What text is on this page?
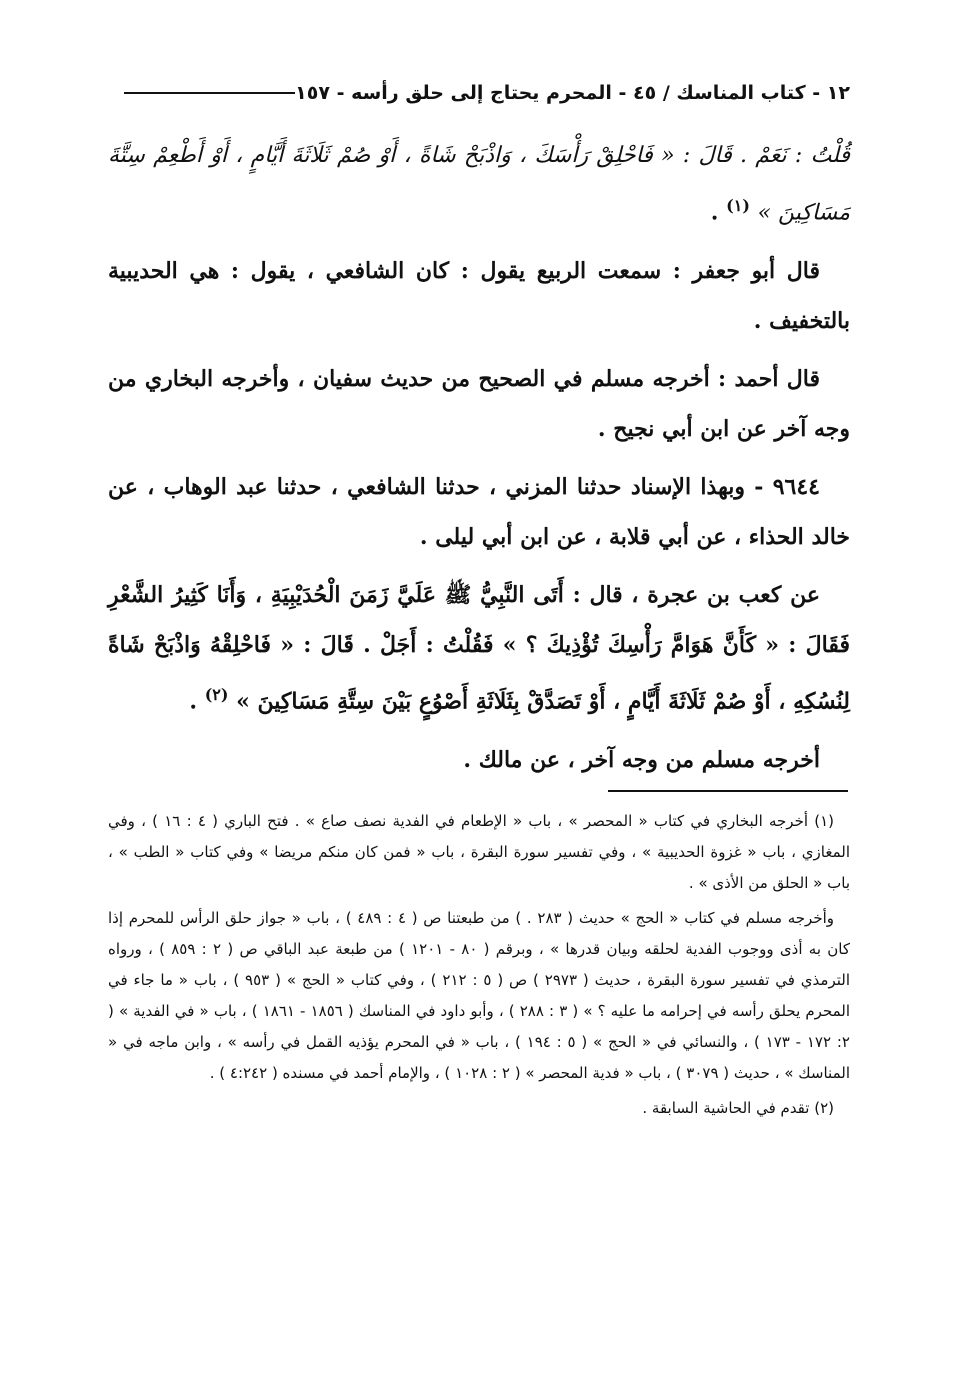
١٢ - كتاب المناسك / ٤٥ - المحرم يحتاج إلى حلق رأسه - ١٥٧

قُلْتُ : نَعَمْ . قَالَ : « فَاحْلِقْ رَأْسَكَ ، وَاذْبَحْ شَاةً ، أَوْ صُمْ ثَلَاثَةَ أَيَّامٍ ، أَوْ أَطْعِمْ سِتَّةَ مَسَاكِينَ » $^{(١)}$ .

قال أبو جعفر : سمعت الربيع يقول : كان الشافعي ، يقول : هي الحديبية بالتخفيف .

قال أحمد : أخرجه مسلم في الصحيح من حديث سفيان ، وأخرجه البخاري من وجه آخر عن ابن أبي نجيح .

٩٦٤٤ - وبهذا الإسناد حدثنا المزني ، حدثنا الشافعي ، حدثنا عبد الوهاب ، عن خالد الحذاء ، عن أبي قلابة ، عن ابن أبي ليلى .

عن كعب بن عجرة ، قال : أَتَى النَّبِيُّ ﷺ عَلَيَّ زَمَنَ الْحُدَيْبِيَةِ ، وَأَنَا كَثِيرُ الشَّعْرِ فَقَالَ : « كَأَنَّ هَوَامَّ رَأْسِكَ تُؤْذِيكَ ؟ » فَقُلْتُ : أَجَلْ . قَالَ : « فَاحْلِقْهُ وَاذْبَحْ شَاةً لِنُسُكِهِ ، أَوْ صُمْ ثَلَاثَةَ أَيَّامٍ ، أَوْ تَصَدَّقْ بِثَلَاثَةِ أَصْوُعٍ بَيْنَ سِتَّةِ مَسَاكِينَ » $^{(٢)}$ .

أخرجه مسلم من وجه آخر ، عن مالك .

(١) أخرجه البخاري في كتاب « المحصر » ، باب « الإطعام في الفدية نصف صاع » . فتح الباري ( ٤ : ١٦ ) ، وفي المغازي ، باب « غزوة الحديبية » ، وفي تفسير سورة البقرة ، باب « فمن كان منكم مريضا » وفي كتاب « الطب » ، باب « الحلق من الأذى » .

وأخرجه مسلم في كتاب « الحج » حديث ( ٢٨٣ . ) من طبعتنا ص ( ٤ : ٤٨٩ ) ، باب « جواز حلق الرأس للمحرم إذا كان به أذى ووجوب الفدية لحلقه وبيان قدرها » ، وبرقم ( ٨٠ - ١٢٠١ ) من طبعة عبد الباقي ص ( ٢ : ٨٥٩ ) ، ورواه الترمذي في تفسير سورة البقرة ، حديث ( ٢٩٧٣ ) ص ( ٥ : ٢١٢ ) ، وفي كتاب « الحج » ( ٩٥٣ ) ، باب « ما جاء في المحرم يحلق رأسه في إحرامه ما عليه ؟ » ( ٣ : ٢٨٨ ) ، وأبو داود في المناسك ( ١٨٥٦ - ١٨٦١ ) ، باب « في الفدية » ( ٢: ١٧٢ - ١٧٣ ) ، والنسائي في « الحج » ( ٥ : ١٩٤ ) ، باب « في المحرم يؤذيه القمل في رأسه » ، وابن ماجه في « المناسك » ، حديث ( ٣٠٧٩ ) ، باب « فدية المحصر » ( ٢ : ١٠٢٨ ) ، والإمام أحمد في مسنده ( ٤:٢٤٢ ) .

(٢) تقدم في الحاشية السابقة .
